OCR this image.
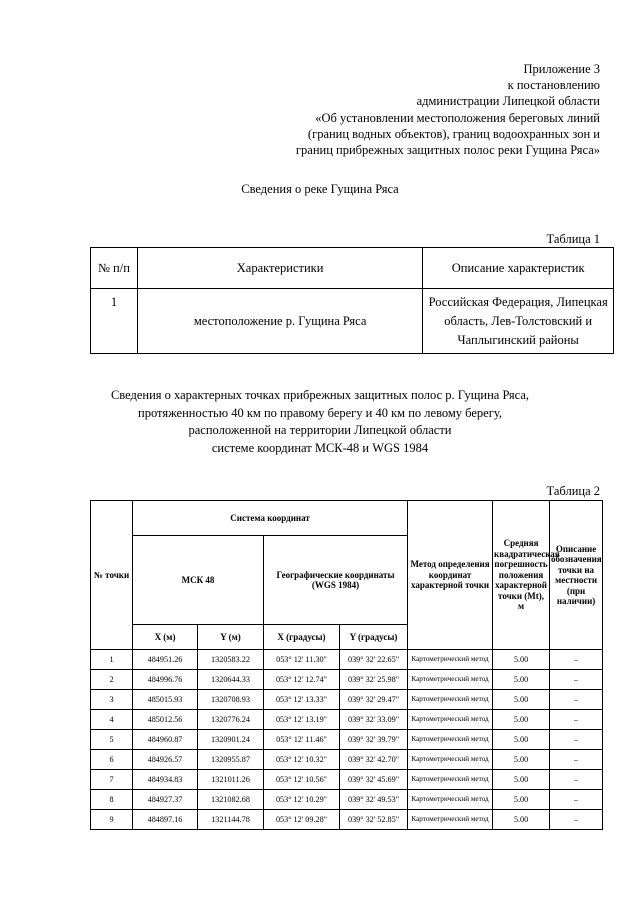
Приложение 3
к постановлению
администрации Липецкой области
«Об установлении местоположения береговых линий
(границ водных объектов), границ водоохранных зон и
границ прибрежных защитных полос реки Гущина Ряса»
Сведения о реке Гущина Ряса
Таблица 1
№ п/п	Характеристики	Описание характеристик
1	местоположение р. Гущина Ряса	Российская Федерация, Липецкая область, Лев-Толстовский и Чаплыгинский районы
Сведения о характерных точках прибрежных защитных полос р. Гущина Ряса,
протяженностью 40 км по правому берегу и 40 км по левому берегу,
расположенной на территории Липецкой области
системе координат МСК-48 и WGS 1984
Таблица 2
№ точки	Система координат				Метод определения координат характерной точки	Средняя квадратическая погрешность положения характерной точки (Mt), м	Описание обозначения точки на местности (при наличии)
	МСК 48		Географические координаты (WGS 1984)				
	X (м)	Y (м)	X (градусы)	Y (градусы)			
1	484951.26	1320583.22	053° 12' 11.30"	039° 32' 22.65"	Картометрический метод	5.00	–
2	484996.76	1320644.33	053° 12' 12.74"	039° 32' 25.98"	Картометрический метод	5.00	–
3	485015.93	1320708.93	053° 12' 13.33"	039° 32' 29.47"	Картометрический метод	5.00	–
4	485012.56	1320776.24	053° 12' 13.19"	039° 32' 33.09"	Картометрический метод	5.00	–
5	484960.87	1320901.24	053° 12' 11.46"	039° 32' 39.79"	Картометрический метод	5.00	–
6	484926.57	1320955.87	053° 12' 10.32"	039° 32' 42.70"	Картометрический метод	5.00	–
7	484934.83	1321011.26	053° 12' 10.56"	039° 32' 45.69"	Картометрический метод	5.00	–
8	484927.37	1321082.68	053° 12' 10.29"	039° 32' 49.53"	Картометрический метод	5.00	–
9	484897.16	1321144.78	053° 12' 09.28"	039° 32' 52.85"	Картометрический метод	5.00	–
